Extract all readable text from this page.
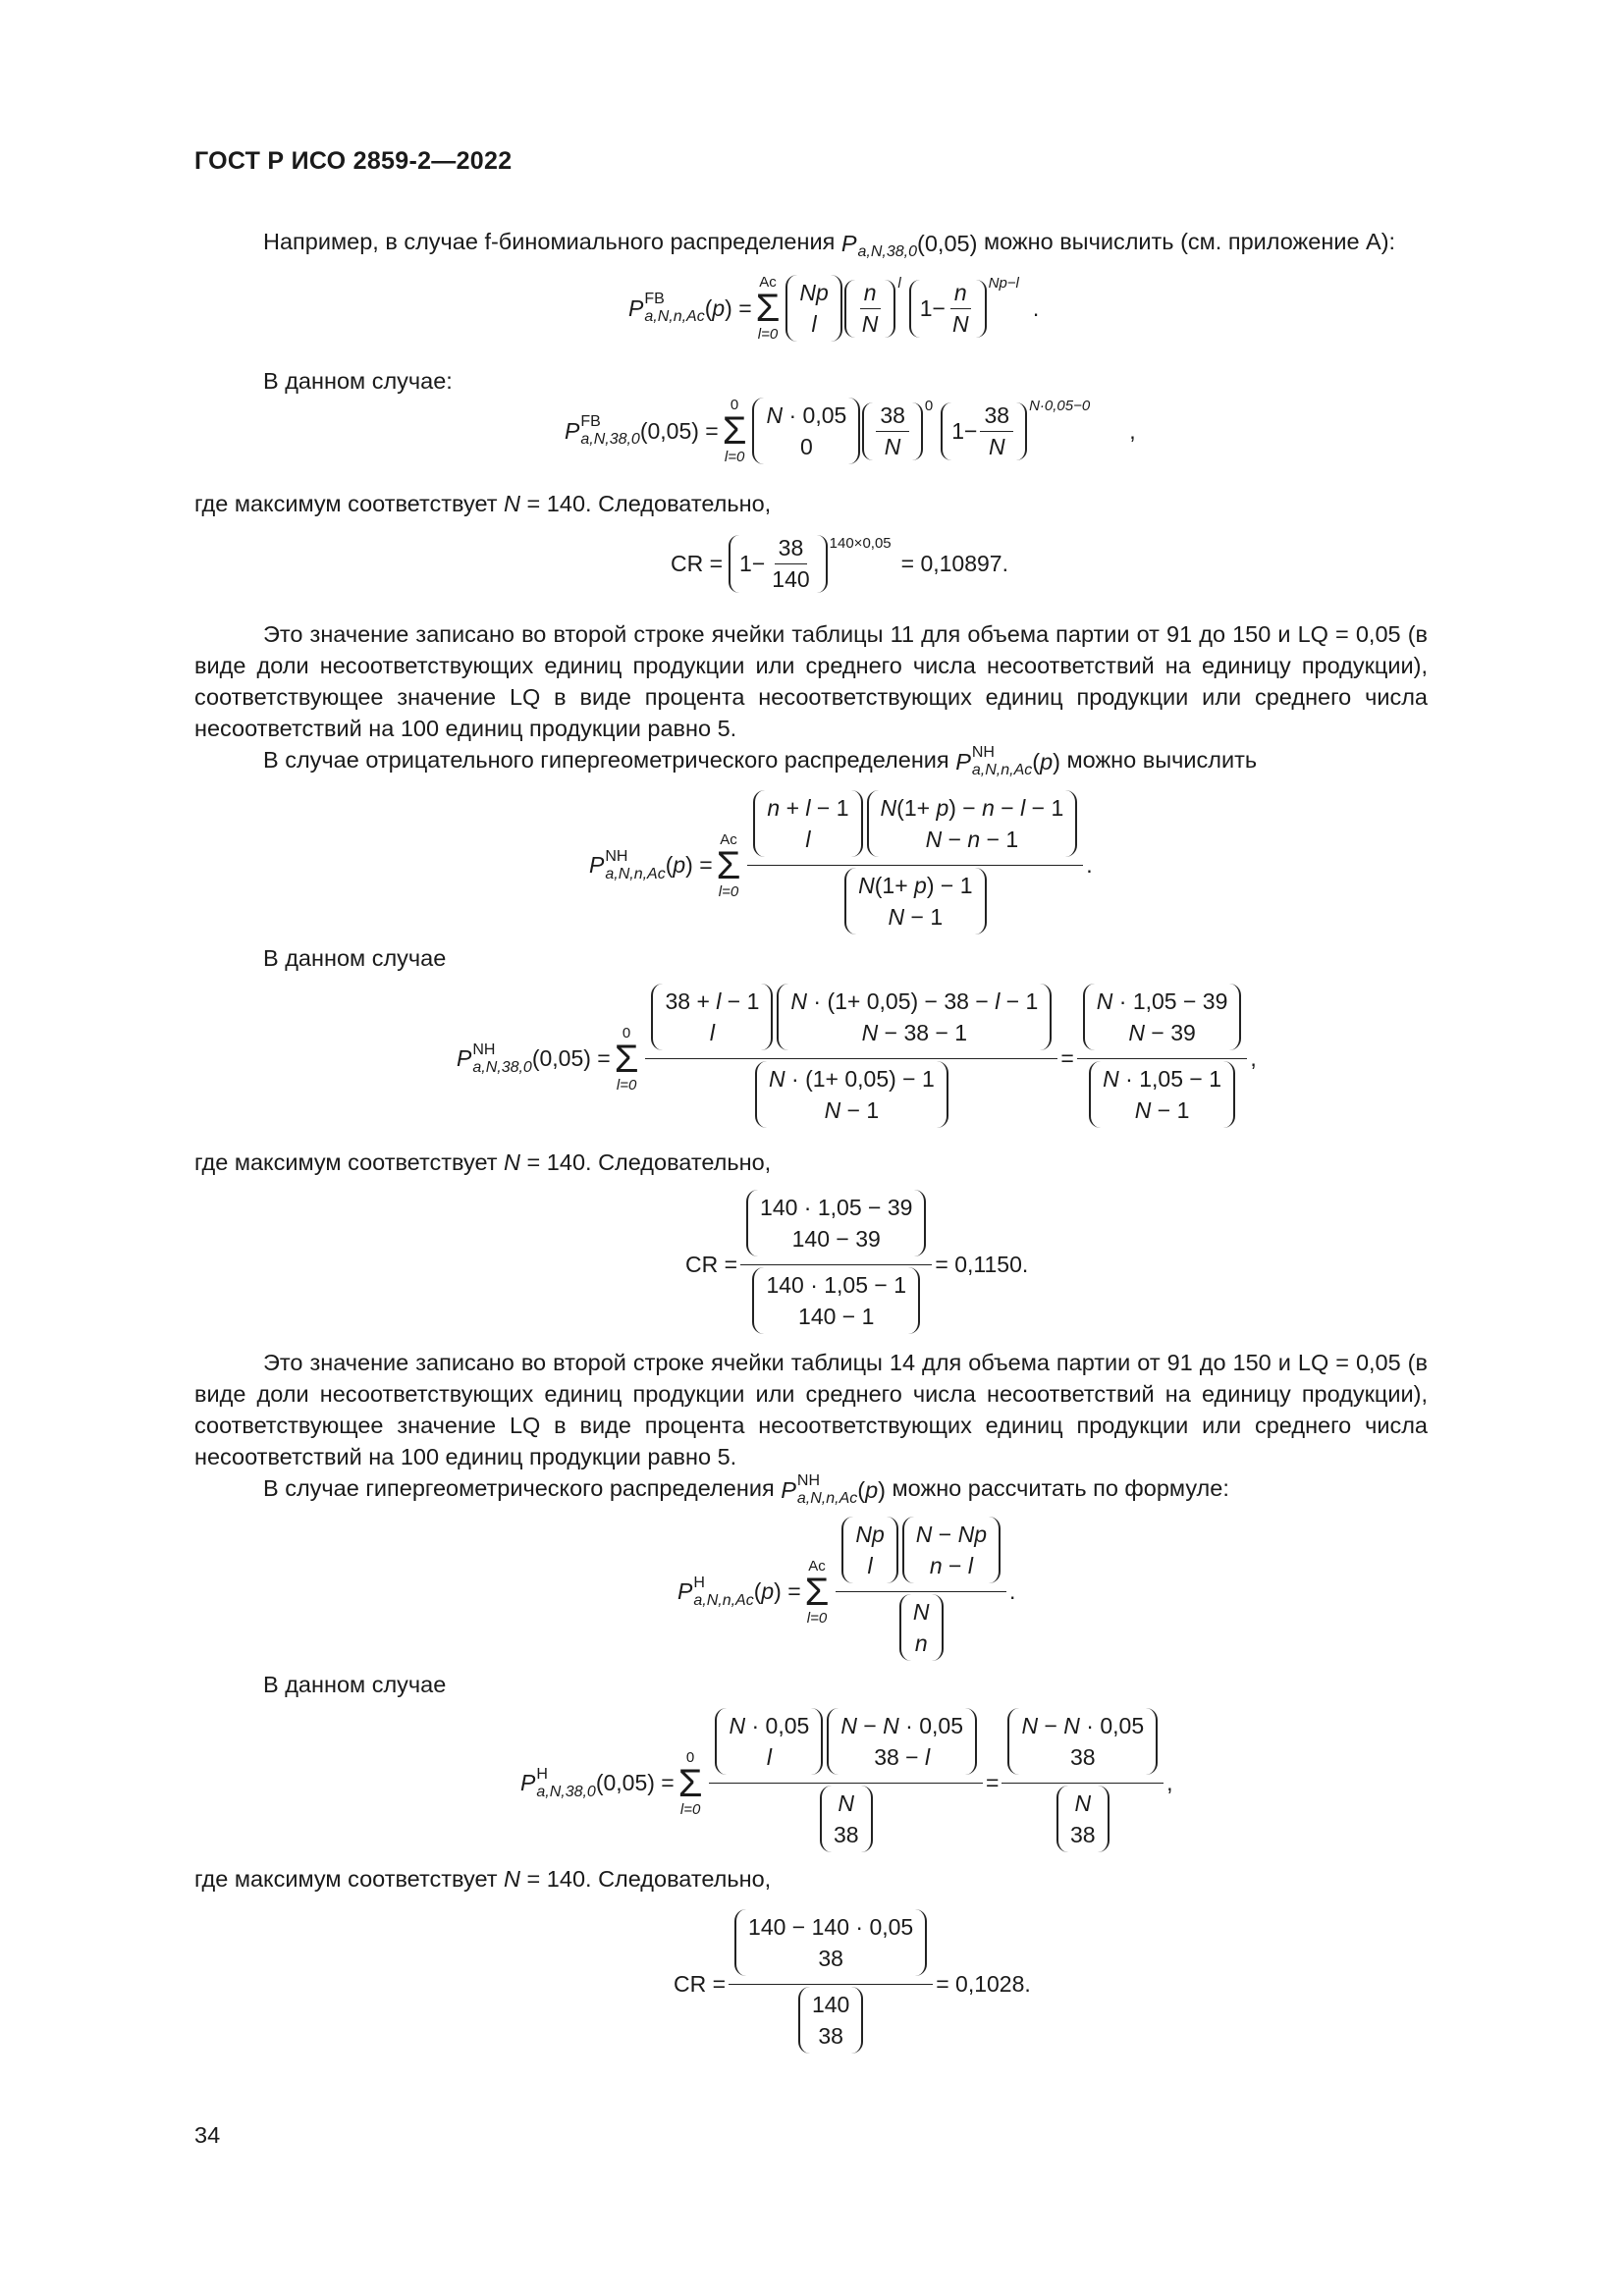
ГОСТ Р ИСО 2859-2—2022
Например, в случае f-биномиального распределения P
a,N,38,0 (0,05) можно вычислить (см. приложение А):
P FB
a,N,n,Ac ( p ) =
Ac
Σ
l=0
Np
l
n
N
l
1−
n
N
Np−l
.
В данном случае:
P FB
a,N,38,0 (0,05) =
0
Σ
l=0
N · 0,05
0
38
N
0
1−
38
N
N·0,05−0
,
где максимум соответствует N = 140. Следовательно,
CR = 1−
38
140
140×0,05
= 0,10897.
Это значение записано во второй строке ячейки таблицы 11 для объема партии от 91 до 150 и LQ = 0,05 (в виде доли несоответствующих единиц продукции или среднего числа несоответствий на единицу продукции), соответствующее значение LQ в виде процента несоответствующих единиц продукции или среднего числа несоответствий на 100 единиц продукции равно 5.
В случае отрицательного гипергеометрического распределения P NH
a,N,n,Ac ( p ) можно вычислить
P NH
a,N,n,Ac ( p ) =
Ac
Σ
l=0
n + l − 1
l
N(1+ p) − n − l − 1
N − n − 1
N(1+ p) − 1
N − 1
.
В данном случае
P NH
a,N,38,0 (0,05) =
0
Σ
l=0
38 + l − 1
l
N · (1+ 0,05) − 38 − l − 1
N − 38 − 1
N · (1+ 0,05) − 1
N − 1
=
N · 1,05 − 39
N − 39
N · 1,05 − 1
N − 1
,
где максимум соответствует N = 140. Следовательно,
CR = 140 · 1,05 − 39
140 − 39
140 · 1,05 − 1
140 − 1 = 0,1150.
Это значение записано во второй строке ячейки таблицы 14 для объема партии от 91 до 150 и LQ = 0,05 (в виде доли несоответствующих единиц продукции или среднего числа несоответствий на единицу продукции), соответствующее значение LQ в виде процента несоответствующих единиц продукции или среднего числа несоответствий на 100 единиц продукции равно 5.
В случае гипергеометрического распределения P NH
a,N,n,Ac ( p ) можно рассчитать по формуле:
P H
a,N,n,Ac ( p ) =
Ac
Σ
l=0
Np
l
N − Np
n − l
N
n
.
В данном случае
P H
a,N,38,0 (0,05) =
0
Σ
l=0
N · 0,05
l
N − N · 0,05
38 − l
N
38
=
N − N · 0,05
38
N
38
,
где максимум соответствует N = 140. Следовательно,
CR = 140 − 140 · 0,05
38
140
38 = 0,1028.
34
